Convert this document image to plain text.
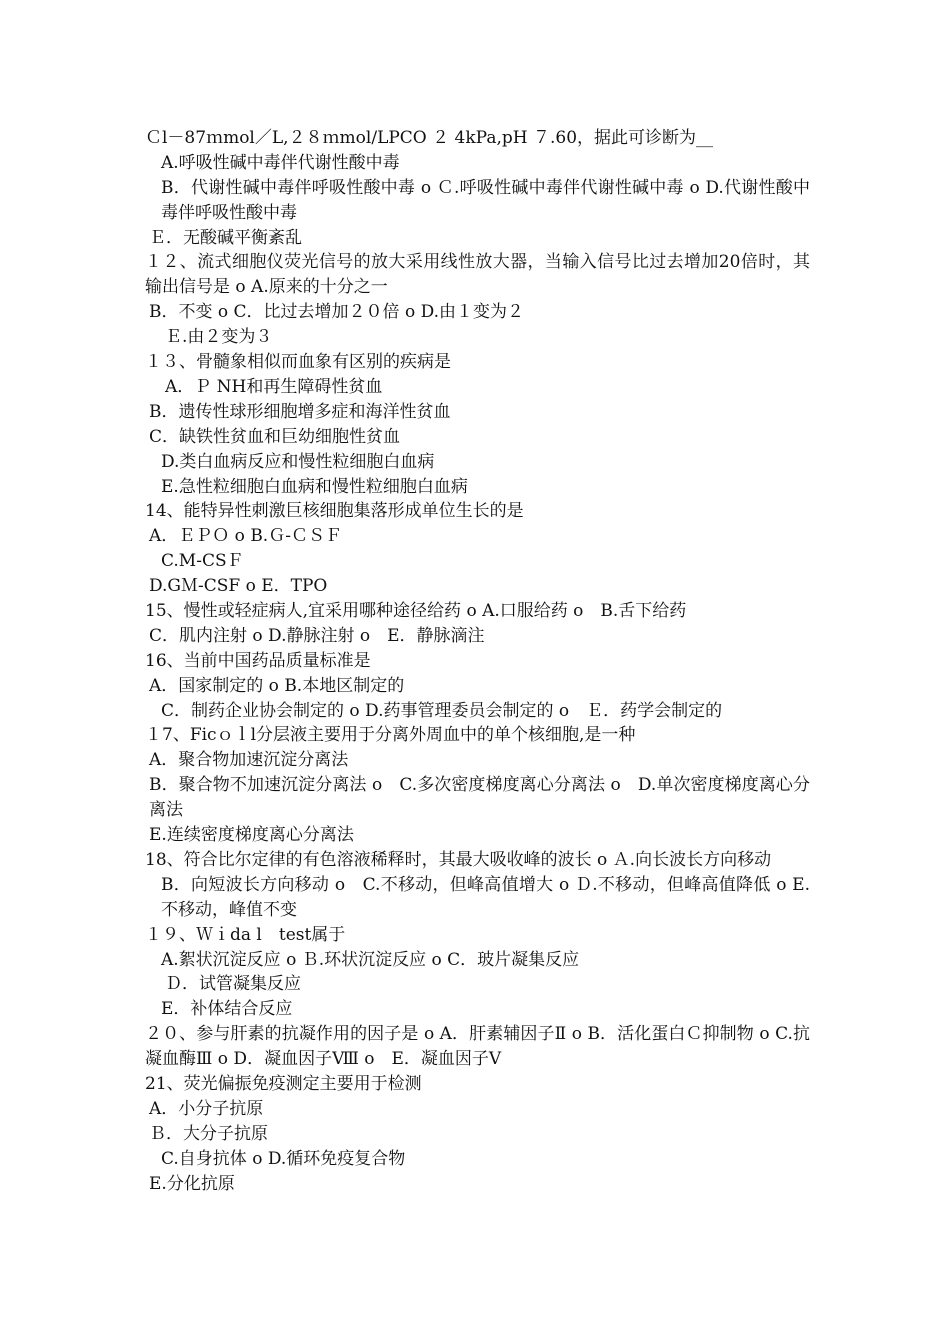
Ｃl－87ｍmol／L,２８ｍmol/LPCO ２ 4kPa,pH ７.60，据此可诊断为__
A.呼吸性碱中毒伴代谢性酸中毒
B．代谢性碱中毒伴呼吸性酸中毒 o Ｃ.呼吸性碱中毒伴代谢性碱中毒 o D.代谢性酸中毒伴呼吸性酸中毒
Ｅ．无酸碱平衡紊乱
１２、流式细胞仪荧光信号的放大采用线性放大器，当输入信号比过去增加20倍时，其输出信号是 o A.原来的十分之一
B．不变 o C．比过去增加２０倍 o D.由１变为２
Ｅ.由２变为３
１３、骨髓象相似而血象有区别的疾病是
A．Ｐ NH和再生障碍性贫血
B．遗传性球形细胞增多症和海洋性贫血
C．缺铁性贫血和巨幼细胞性贫血
D.类白血病反应和慢性粒细胞白血病
E.急性粒细胞白血病和慢性粒细胞白血病
14、能特异性刺激巨核细胞集落形成单位生长的是
A．ＥＰＯ o B.Ｇ-ＣＳＦ
C.M-CSＦ
D.GＭ-CSF o E．TPO
15、慢性或轻症病人,宜采用哪种途径给药 o A.口服给药 o　B.舌下给药
C．肌内注射 o D.静脉注射 o　E．静脉滴注
16、当前中国药品质量标准是
A．国家制定的 o B.本地区制定的
C．制药企业协会制定的 o D.药事管理委员会制定的 o　Ｅ．药学会制定的
１7、Ficｏｌl分层液主要用于分离外周血中的单个核细胞,是一种
A．聚合物加速沉淀分离法
B．聚合物不加速沉淀分离法 o　C.多次密度梯度离心分离法 o　D.单次密度梯度离心分离法
E.连续密度梯度离心分离法
18、符合比尔定律的有色溶液稀释时，其最大吸收峰的波长 o Ａ.向长波长方向移动
B．向短波长方向移动 o　C.不移动，但峰高值增大 o Ｄ.不移动，但峰高值降低 o E.不移动，峰值不变
１９、Ｗｉda l　test属于
A.絮状沉淀反应 o Ｂ.环状沉淀反应 o C．玻片凝集反应
Ｄ．试管凝集反应
E．补体结合反应
２０、参与肝素的抗凝作用的因子是 o A．肝素辅因子Ⅱ o B．活化蛋白Ｃ抑制物 o C.抗凝血酶Ⅲ o D．凝血因子Ⅷ o　E．凝血因子Ⅴ
21、荧光偏振免疫测定主要用于检测
A．小分子抗原
Ｂ．大分子抗原
C.自身抗体 o D.循环免疫复合物
E.分化抗原
